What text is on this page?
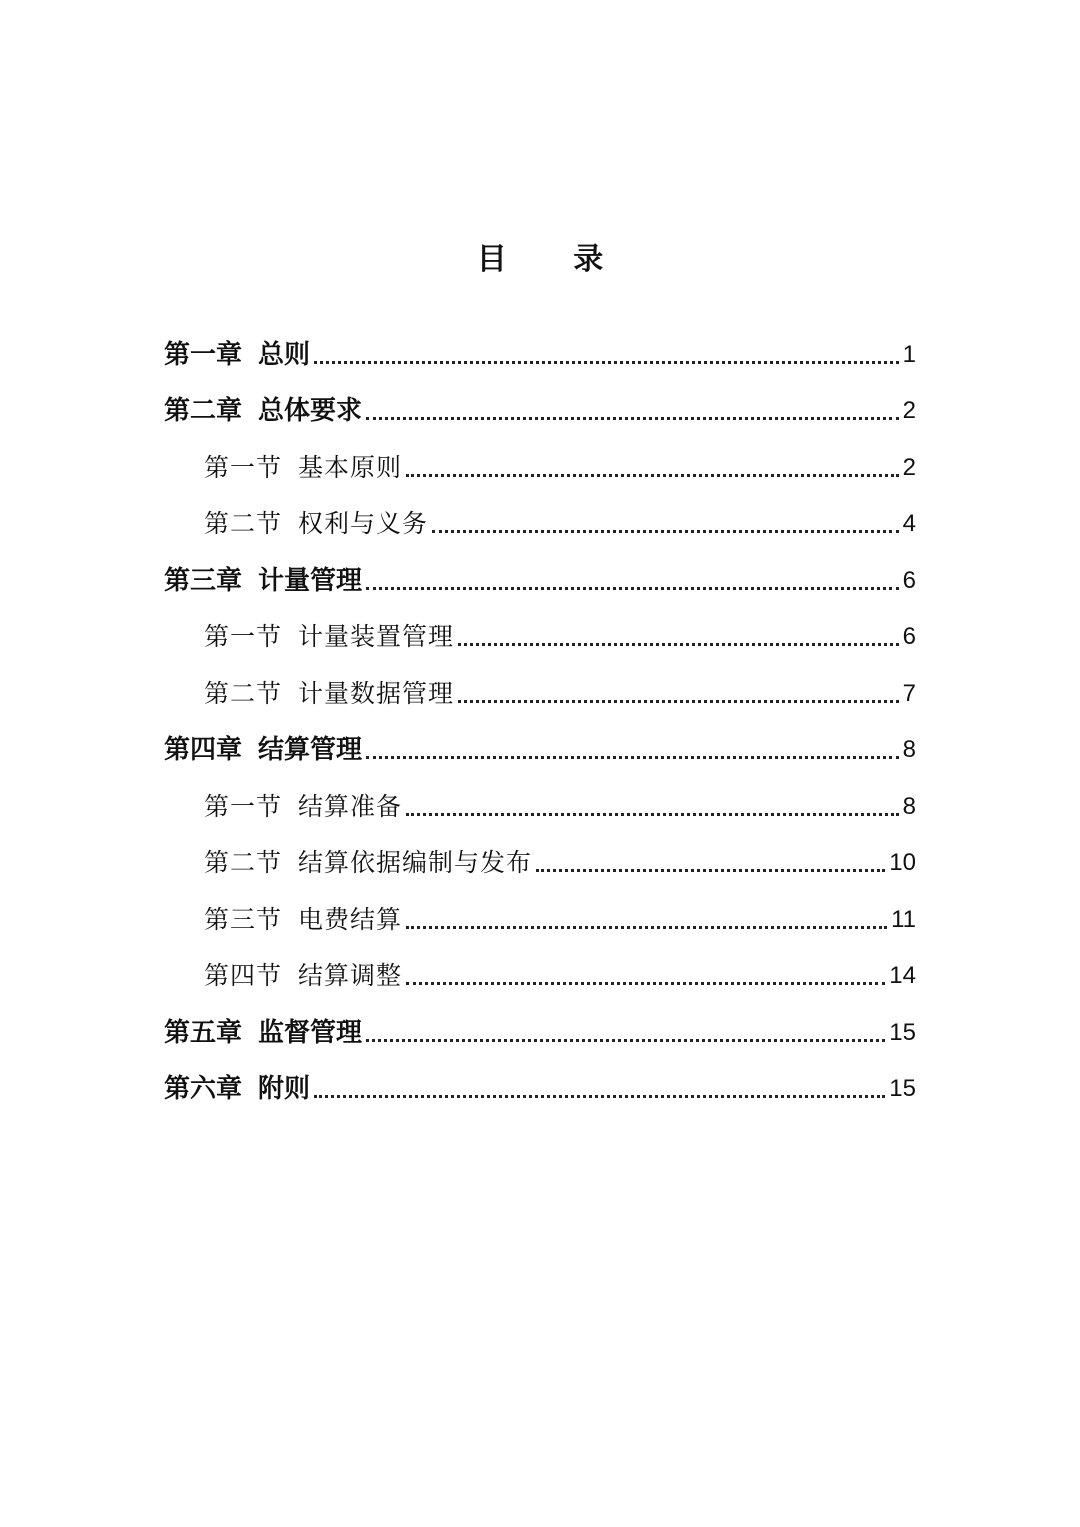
目 录
第一章 总则	1
第二章 总体要求	2
第一节 基本原则	2
第二节 权利与义务	4
第三章 计量管理	6
第一节 计量装置管理	6
第二节 计量数据管理	7
第四章 结算管理	8
第一节 结算准备	8
第二节 结算依据编制与发布	10
第三节 电费结算	11
第四节 结算调整	14
第五章 监督管理	15
第六章 附则	15
